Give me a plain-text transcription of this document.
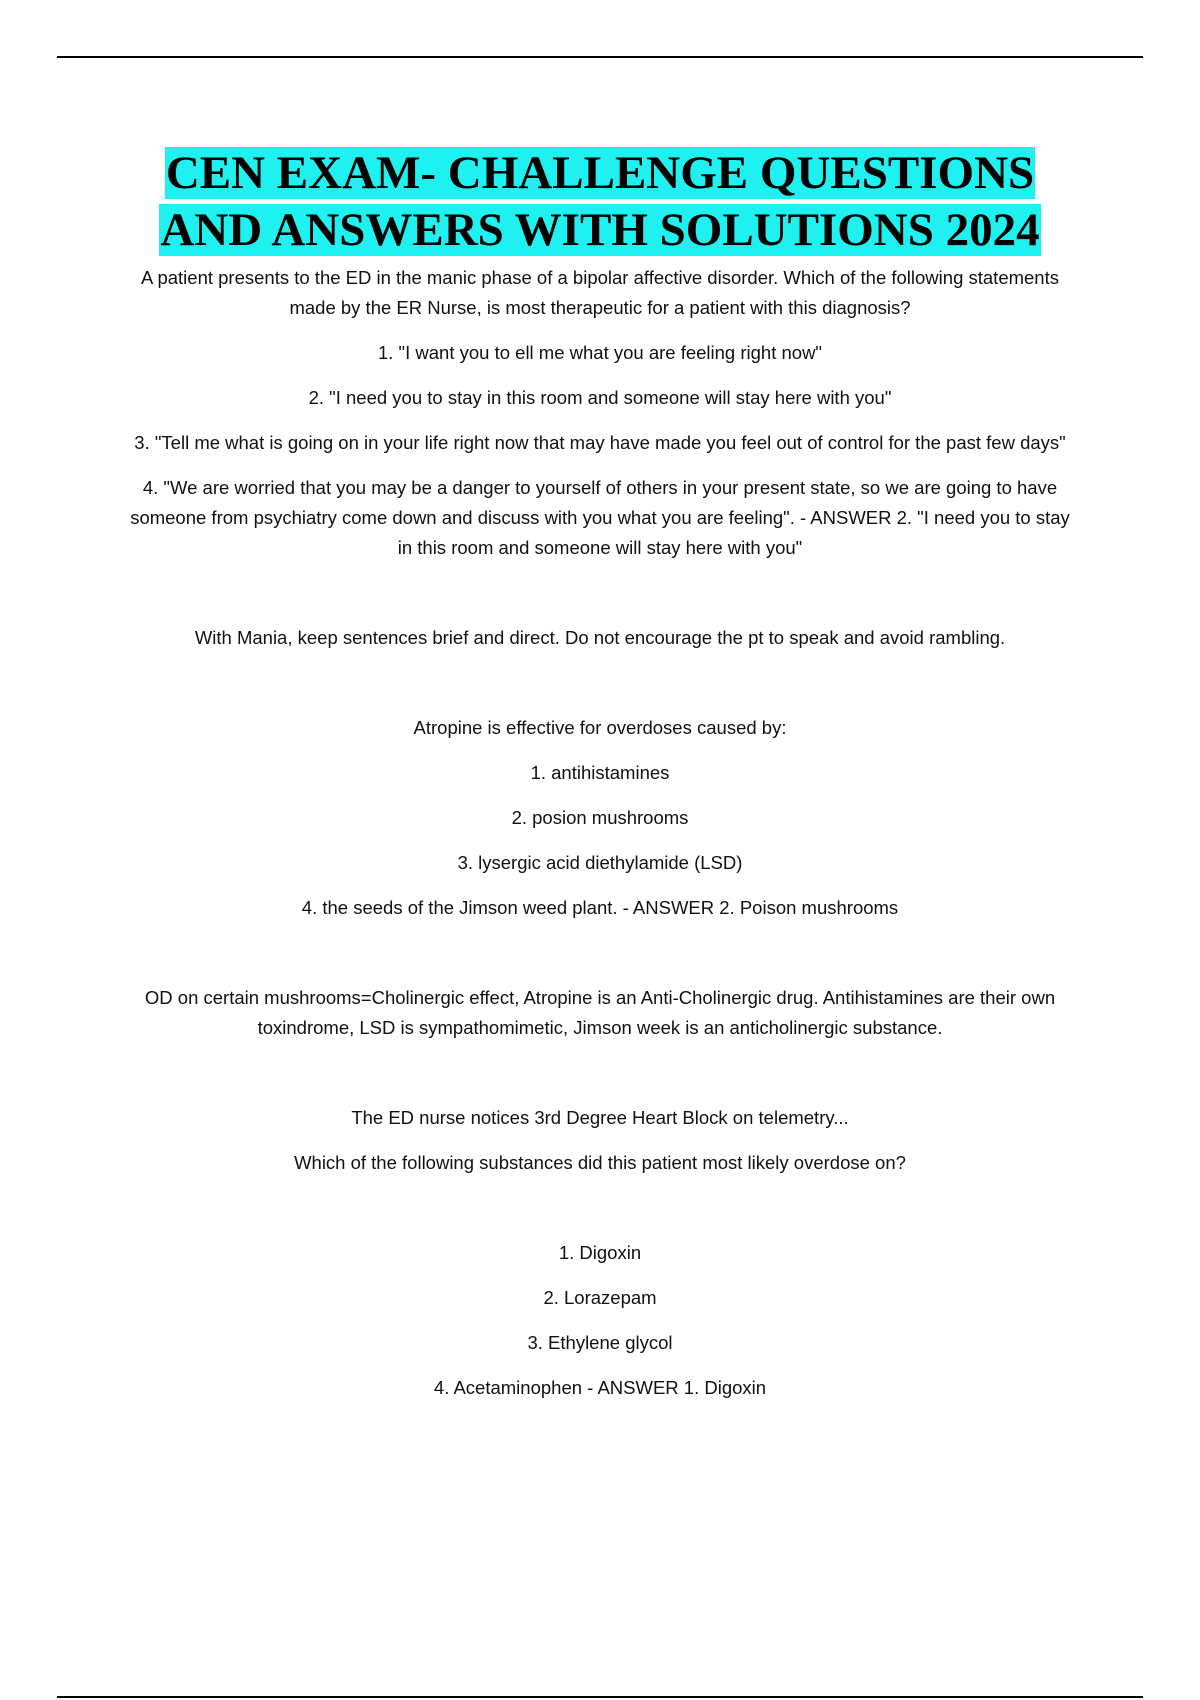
CEN EXAM- CHALLENGE QUESTIONS
AND ANSWERS WITH SOLUTIONS 2024

A patient presents to the ED in the manic phase of a bipolar affective disorder. Which of the following statements made by the ER Nurse, is most therapeutic for a patient with this diagnosis?

1. "I want you to ell me what you are feeling right now"

2. "I need you to stay in this room and someone will stay here with you"

3. "Tell me what is going on in your life right now that may have made you feel out of control for the past few days"

4. "We are worried that you may be a danger to yourself of others in your present state, so we are going to have someone from psychiatry come down and discuss with you what you are feeling". - ANSWER 2. "I need you to stay in this room and someone will stay here with you"

With Mania, keep sentences brief and direct. Do not encourage the pt to speak and avoid rambling.

Atropine is effective for overdoses caused by:

1. antihistamines

2. posion mushrooms

3. lysergic acid diethylamide (LSD)

4. the seeds of the Jimson weed plant. - ANSWER 2. Poison mushrooms

OD on certain mushrooms=Cholinergic effect, Atropine is an Anti-Cholinergic drug. Antihistamines are their own toxindrome, LSD is sympathomimetic, Jimson week is an anticholinergic substance.

The ED nurse notices 3rd Degree Heart Block on telemetry...

Which of the following substances did this patient most likely overdose on?

1. Digoxin

2. Lorazepam

3. Ethylene glycol

4. Acetaminophen - ANSWER 1. Digoxin
